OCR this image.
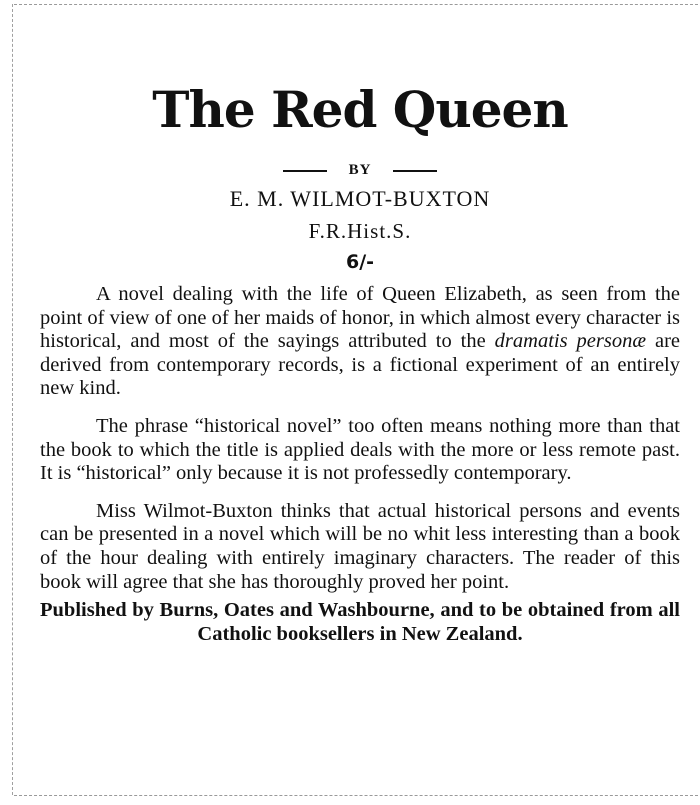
The Red Queen
BY
E. M. WILMOT-BUXTON
F.R.Hist.S.
6/-

A novel dealing with the life of Queen Elizabeth, as seen from the point of view of one of her maids of honor, in which almost every character is historical, and most of the sayings attributed to the dramatis personæ are derived from contemporary records, is a fictional experiment of an entirely new kind.

The phrase “historical novel” too often means nothing more than that the book to which the title is applied deals with the more or less remote past. It is “historical” only because it is not professedly contemporary.

Miss Wilmot-Buxton thinks that actual historical persons and events can be presented in a novel which will be no whit less interesting than a book of the hour dealing with entirely imaginary characters. The reader of this book will agree that she has thoroughly proved her point.

Published by Burns, Oates and Washbourne, and to be obtained from all Catholic booksellers in New Zealand.
